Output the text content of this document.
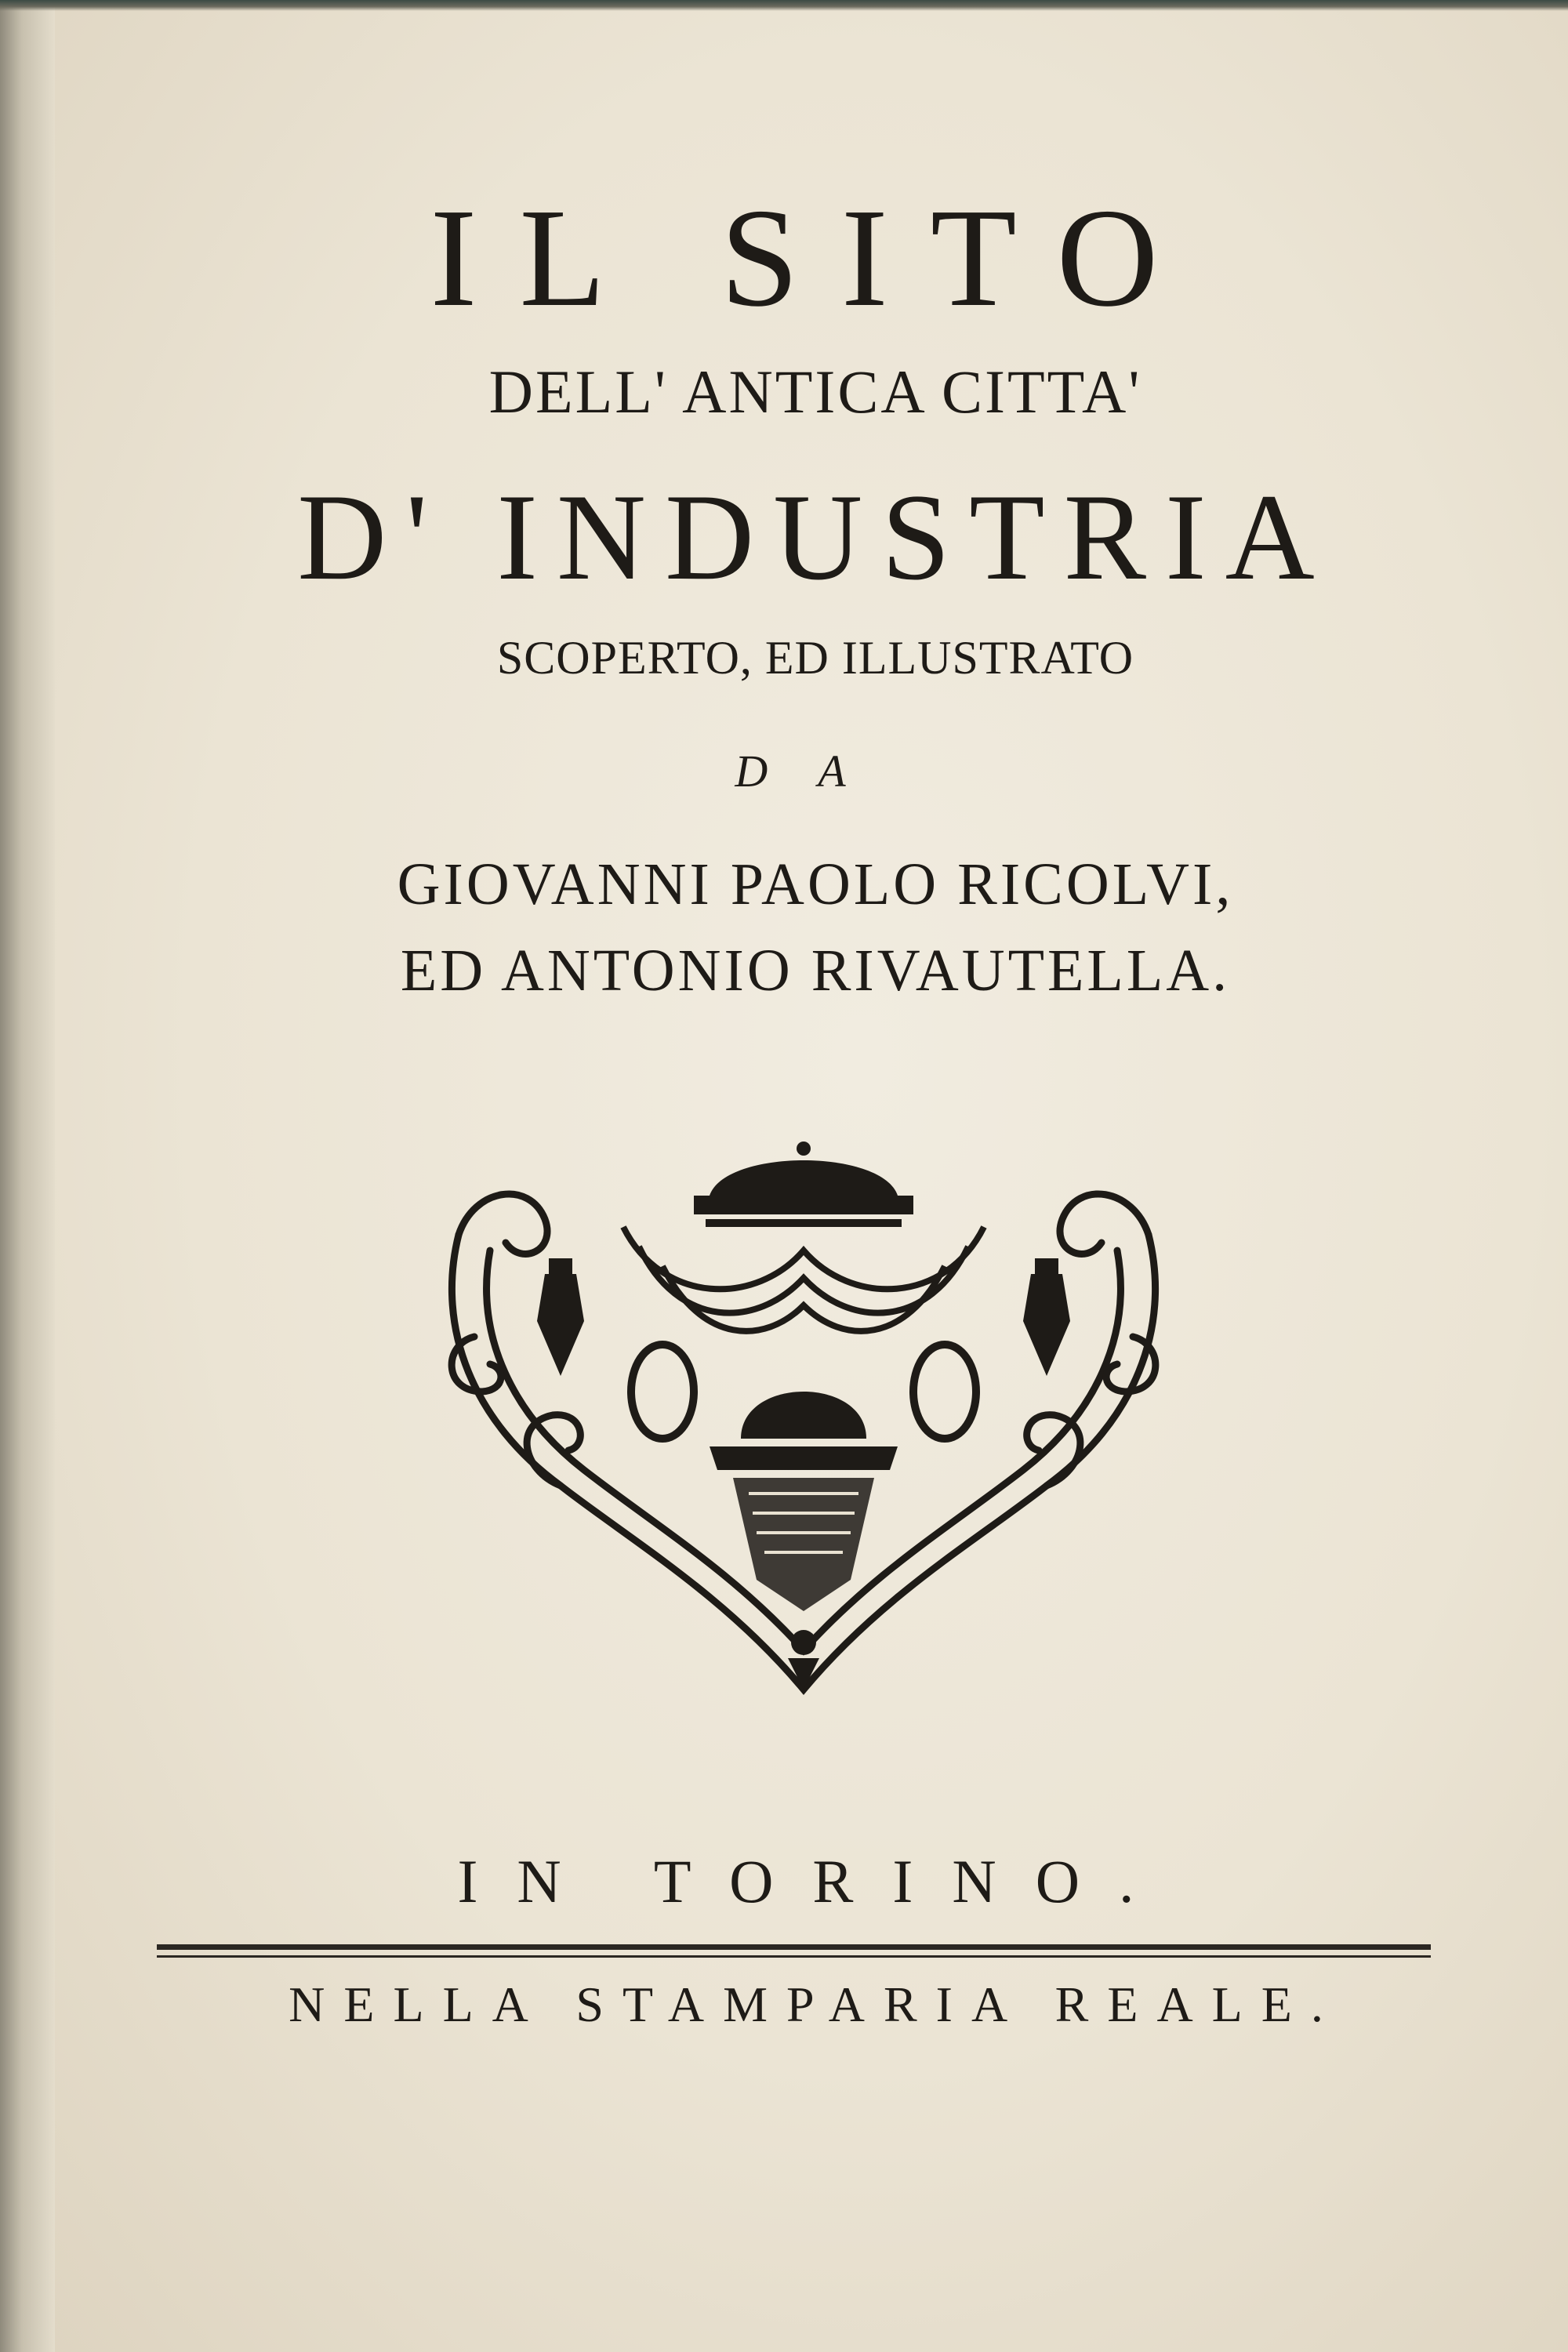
IL SITO
DELL' ANTICA CITTA'
D' INDUSTRIA
SCOPERTO, ED ILLUSTRATO
DA
GIOVANNI PAOLO RICOLVI,
ED ANTONIO RIVAUTELLA.
IN TORINO.
NELLA STAMPARIA REALE.
